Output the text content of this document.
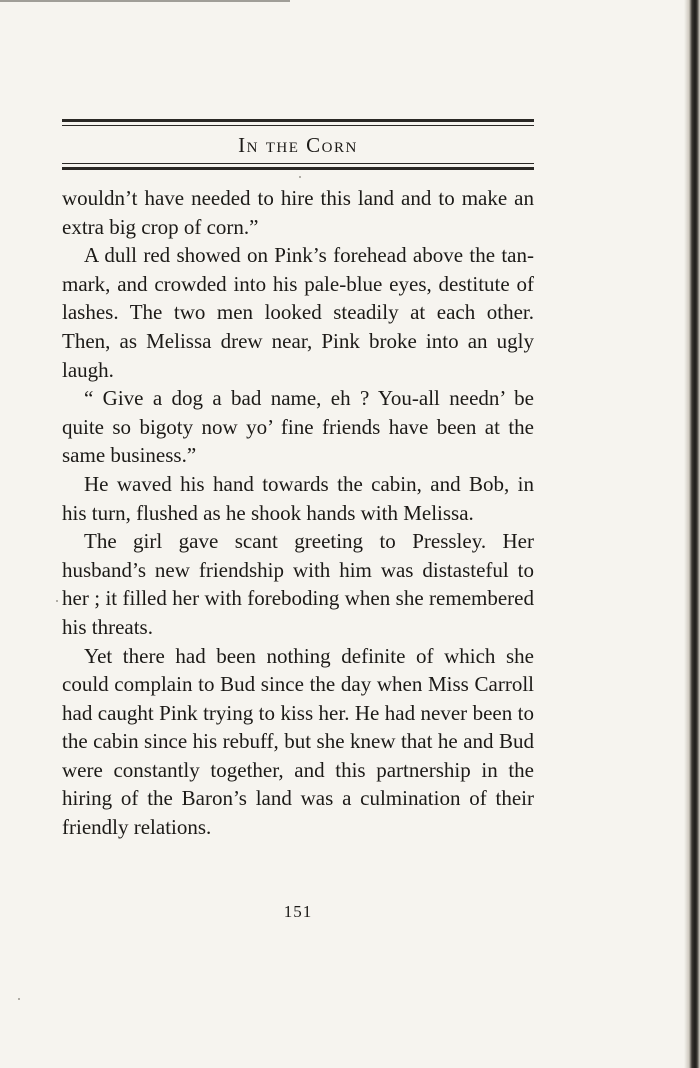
In the Corn

wouldn’t have needed to hire this land and to make an extra big crop of corn.”

A dull red showed on Pink’s forehead above the tan-mark, and crowded into his pale-blue eyes, destitute of lashes. The two men looked steadily at each other. Then, as Melissa drew near, Pink broke into an ugly laugh.

“ Give a dog a bad name, eh ? You-all needn’ be quite so bigoty now yo’ fine friends have been at the same business.”

He waved his hand towards the cabin, and Bob, in his turn, flushed as he shook hands with Melissa.

The girl gave scant greeting to Pressley. Her husband’s new friendship with him was distasteful to her ; it filled her with foreboding when she remembered his threats.

Yet there had been nothing definite of which she could complain to Bud since the day when Miss Carroll had caught Pink trying to kiss her. He had never been to the cabin since his rebuff, but she knew that he and Bud were constantly together, and this partnership in the hiring of the Baron’s land was a culmination of their friendly relations.

151
